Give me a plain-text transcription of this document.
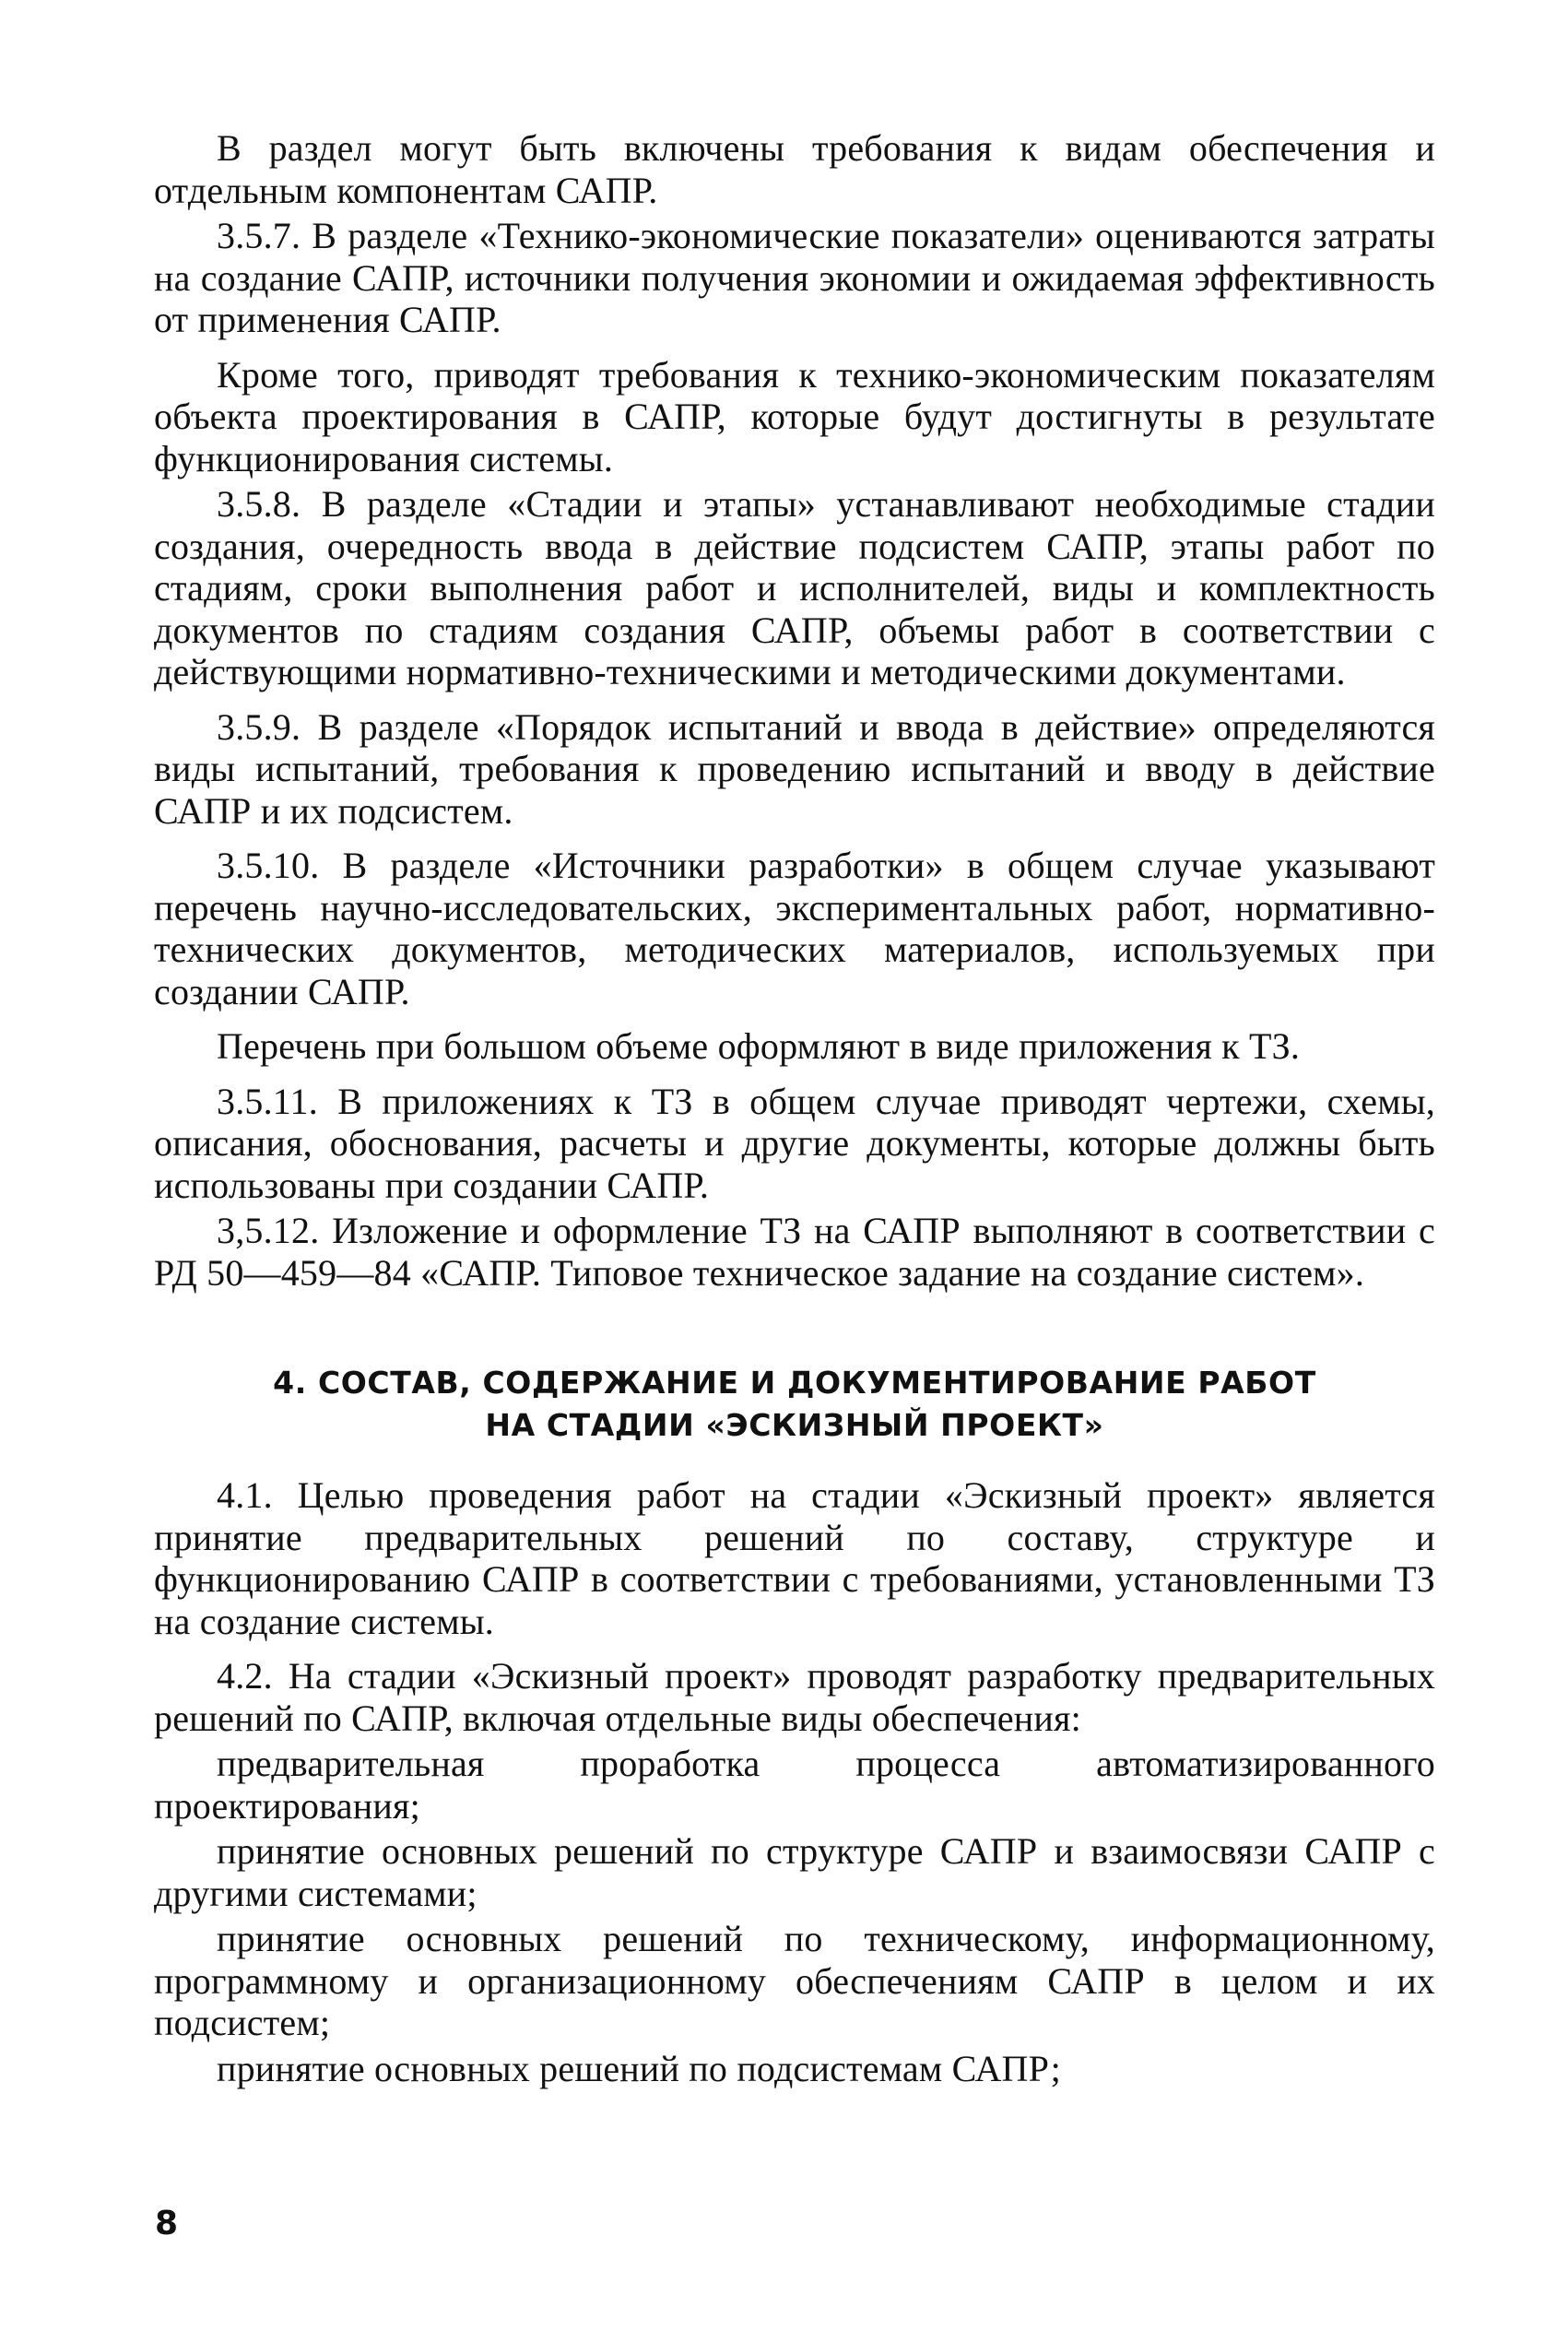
В раздел могут быть включены требования к видам обеспечения и отдельным компонентам САПР.

3.5.7. В разделе «Технико-экономические показатели» оцениваются затраты на создание САПР, источники получения экономии и ожидаемая эффективность от применения САПР.

Кроме того, приводят требования к технико-экономическим показателям объекта проектирования в САПР, которые будут достигнуты в результате функционирования системы.

3.5.8. В разделе «Стадии и этапы» устанавливают необходимые стадии создания, очередность ввода в действие подсистем САПР, этапы работ по стадиям, сроки выполнения работ и исполнителей, виды и комплектность документов по стадиям создания САПР, объемы работ в соответствии с действующими нормативно-техническими и методическими документами.

3.5.9. В разделе «Порядок испытаний и ввода в действие» определяются виды испытаний, требования к проведению испытаний и вводу в действие САПР и их подсистем.

3.5.10. В разделе «Источники разработки» в общем случае указывают перечень научно-исследовательских, экспериментальных работ, нормативно-технических документов, методических материалов, используемых при создании САПР.

Перечень при большом объеме оформляют в виде приложения к ТЗ.

3.5.11. В приложениях к ТЗ в общем случае приводят чертежи, схемы, описания, обоснования, расчеты и другие документы, которые должны быть использованы при создании САПР.

3,5.12. Изложение и оформление ТЗ на САПР выполняют в соответствии с РД 50—459—84 «САПР. Типовое техническое задание на создание систем».

4. СОСТАВ, СОДЕРЖАНИЕ И ДОКУМЕНТИРОВАНИЕ РАБОТ
НА СТАДИИ «ЭСКИЗНЫЙ ПРОЕКТ»

4.1. Целью проведения работ на стадии «Эскизный проект» является принятие предварительных решений по составу, структуре и функционированию САПР в соответствии с требованиями, установленными ТЗ на создание системы.

4.2. На стадии «Эскизный проект» проводят разработку предварительных решений по САПР, включая отдельные виды обеспечения:

предварительная проработка процесса автоматизированного проектирования;

принятие основных решений по структуре САПР и взаимосвязи САПР с другими системами;

принятие основных решений по техническому, информационному, программному и организационному обеспечениям САПР в целом и их подсистем;

принятие основных решений по подсистемам САПР;

8
